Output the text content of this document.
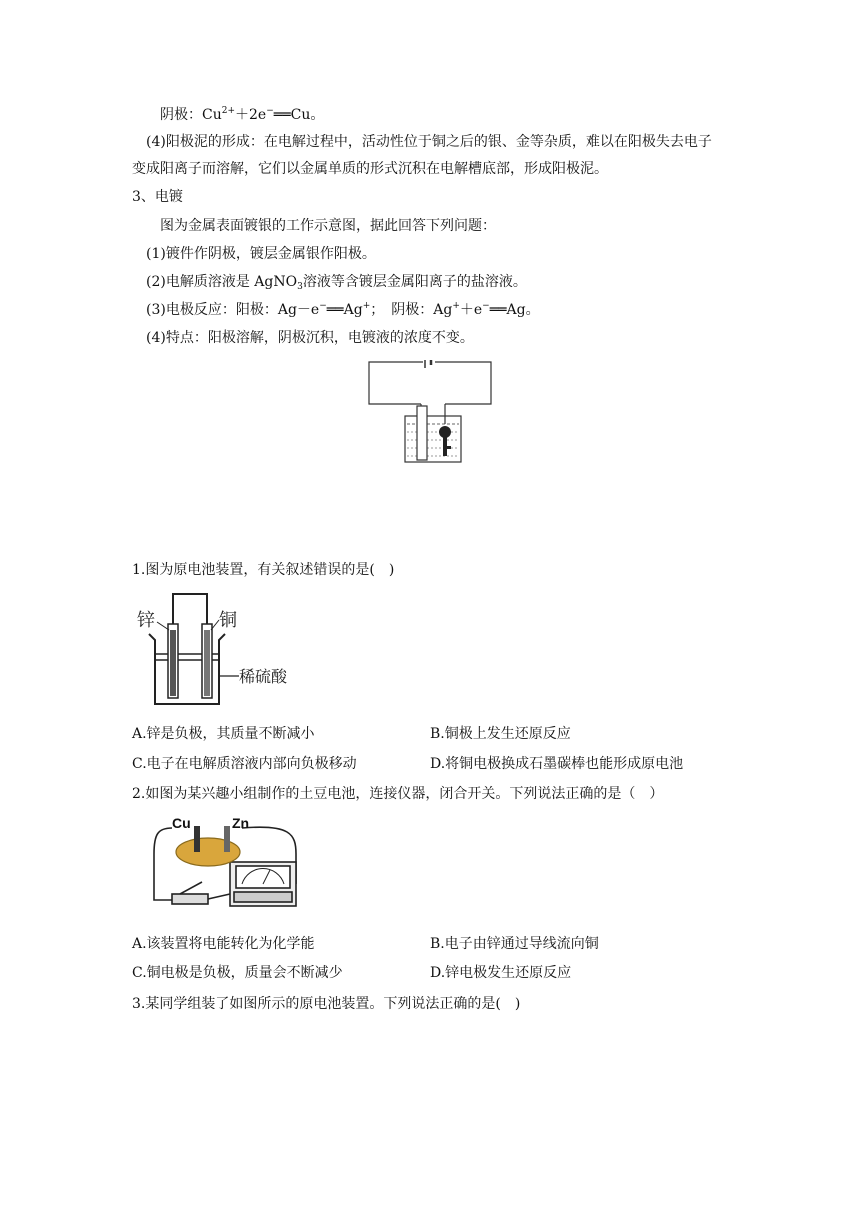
阴极：$Cu^{2+}+2e^-══Cu$。
(4)阳极泥的形成：在电解过程中，活动性位于铜之后的银、金等杂质，难以在阳极失去电子
变成阳离子而溶解，它们以金属单质的形式沉积在电解槽底部，形成阳极泥。
3、电镀
图为金属表面镀银的工作示意图，据此回答下列问题：
(1)镀件作阴极，镀层金属银作阳极。
(2)电解质溶液是 AgNO$_3$溶液等含镀层金属阳离子的盐溶液。
(3)电极反应：阳极：Ag－e−══Ag+；　阴极：Ag+＋e−══Ag。
(4)特点：阳极溶解，阴极沉积，电镀液的浓度不变。
1.图为原电池装置，有关叙述错误的是(　)
锌	铜
稀硫酸
A.锌是负极，其质量不断减小	B.铜极上发生还原反应
C.电子在电解质溶液内部向负极移动	D.将铜电极换成石墨碳棒也能形成原电池
2.如图为某兴趣小组制作的土豆电池，连接仪器，闭合开关。下列说法正确的是（　）
Cu	Zn
A.该装置将电能转化为化学能	B.电子由锌通过导线流向铜
C.铜电极是负极，质量会不断减少	D.锌电极发生还原反应
3.某同学组装了如图所示的原电池装置。下列说法正确的是(　)
